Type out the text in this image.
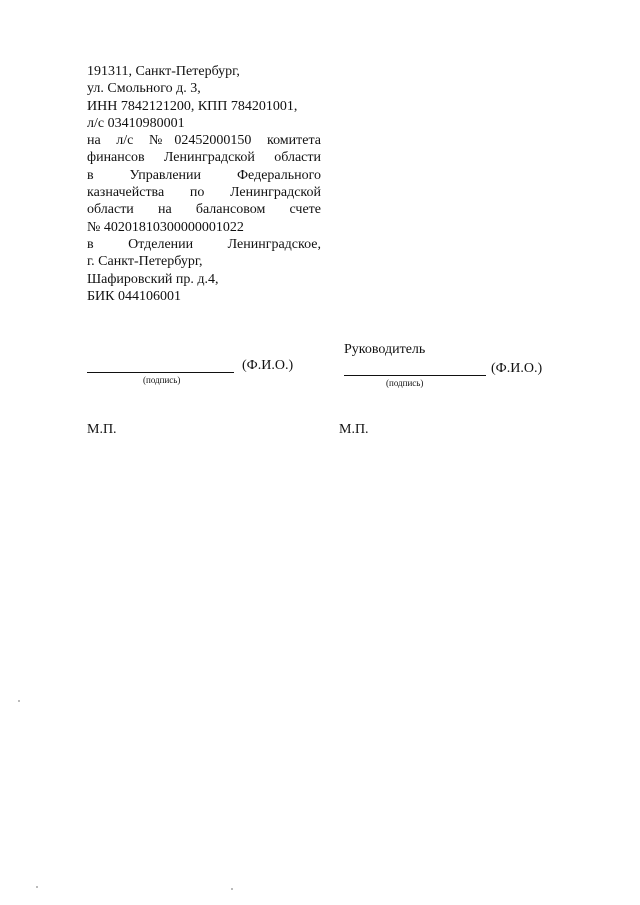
191311, Санкт-Петербург,
ул. Смольного д. 3,
ИНН 7842121200, КПП 784201001,
л/с 03410980001
на л/с №02452000150 комитета
финансов Ленинградской области
в Управлении Федерального
казначейства по Ленинградской
области на балансовом счете
№ 40201810300000001022
в Отделении Ленинградское,
г. Санкт-Петербург,
Шафировский пр. д.4,
БИК 044106001
(Ф.И.О.)
(подпись)
Руководитель
(Ф.И.О.)
(подпись)
М.П.	М.П.
